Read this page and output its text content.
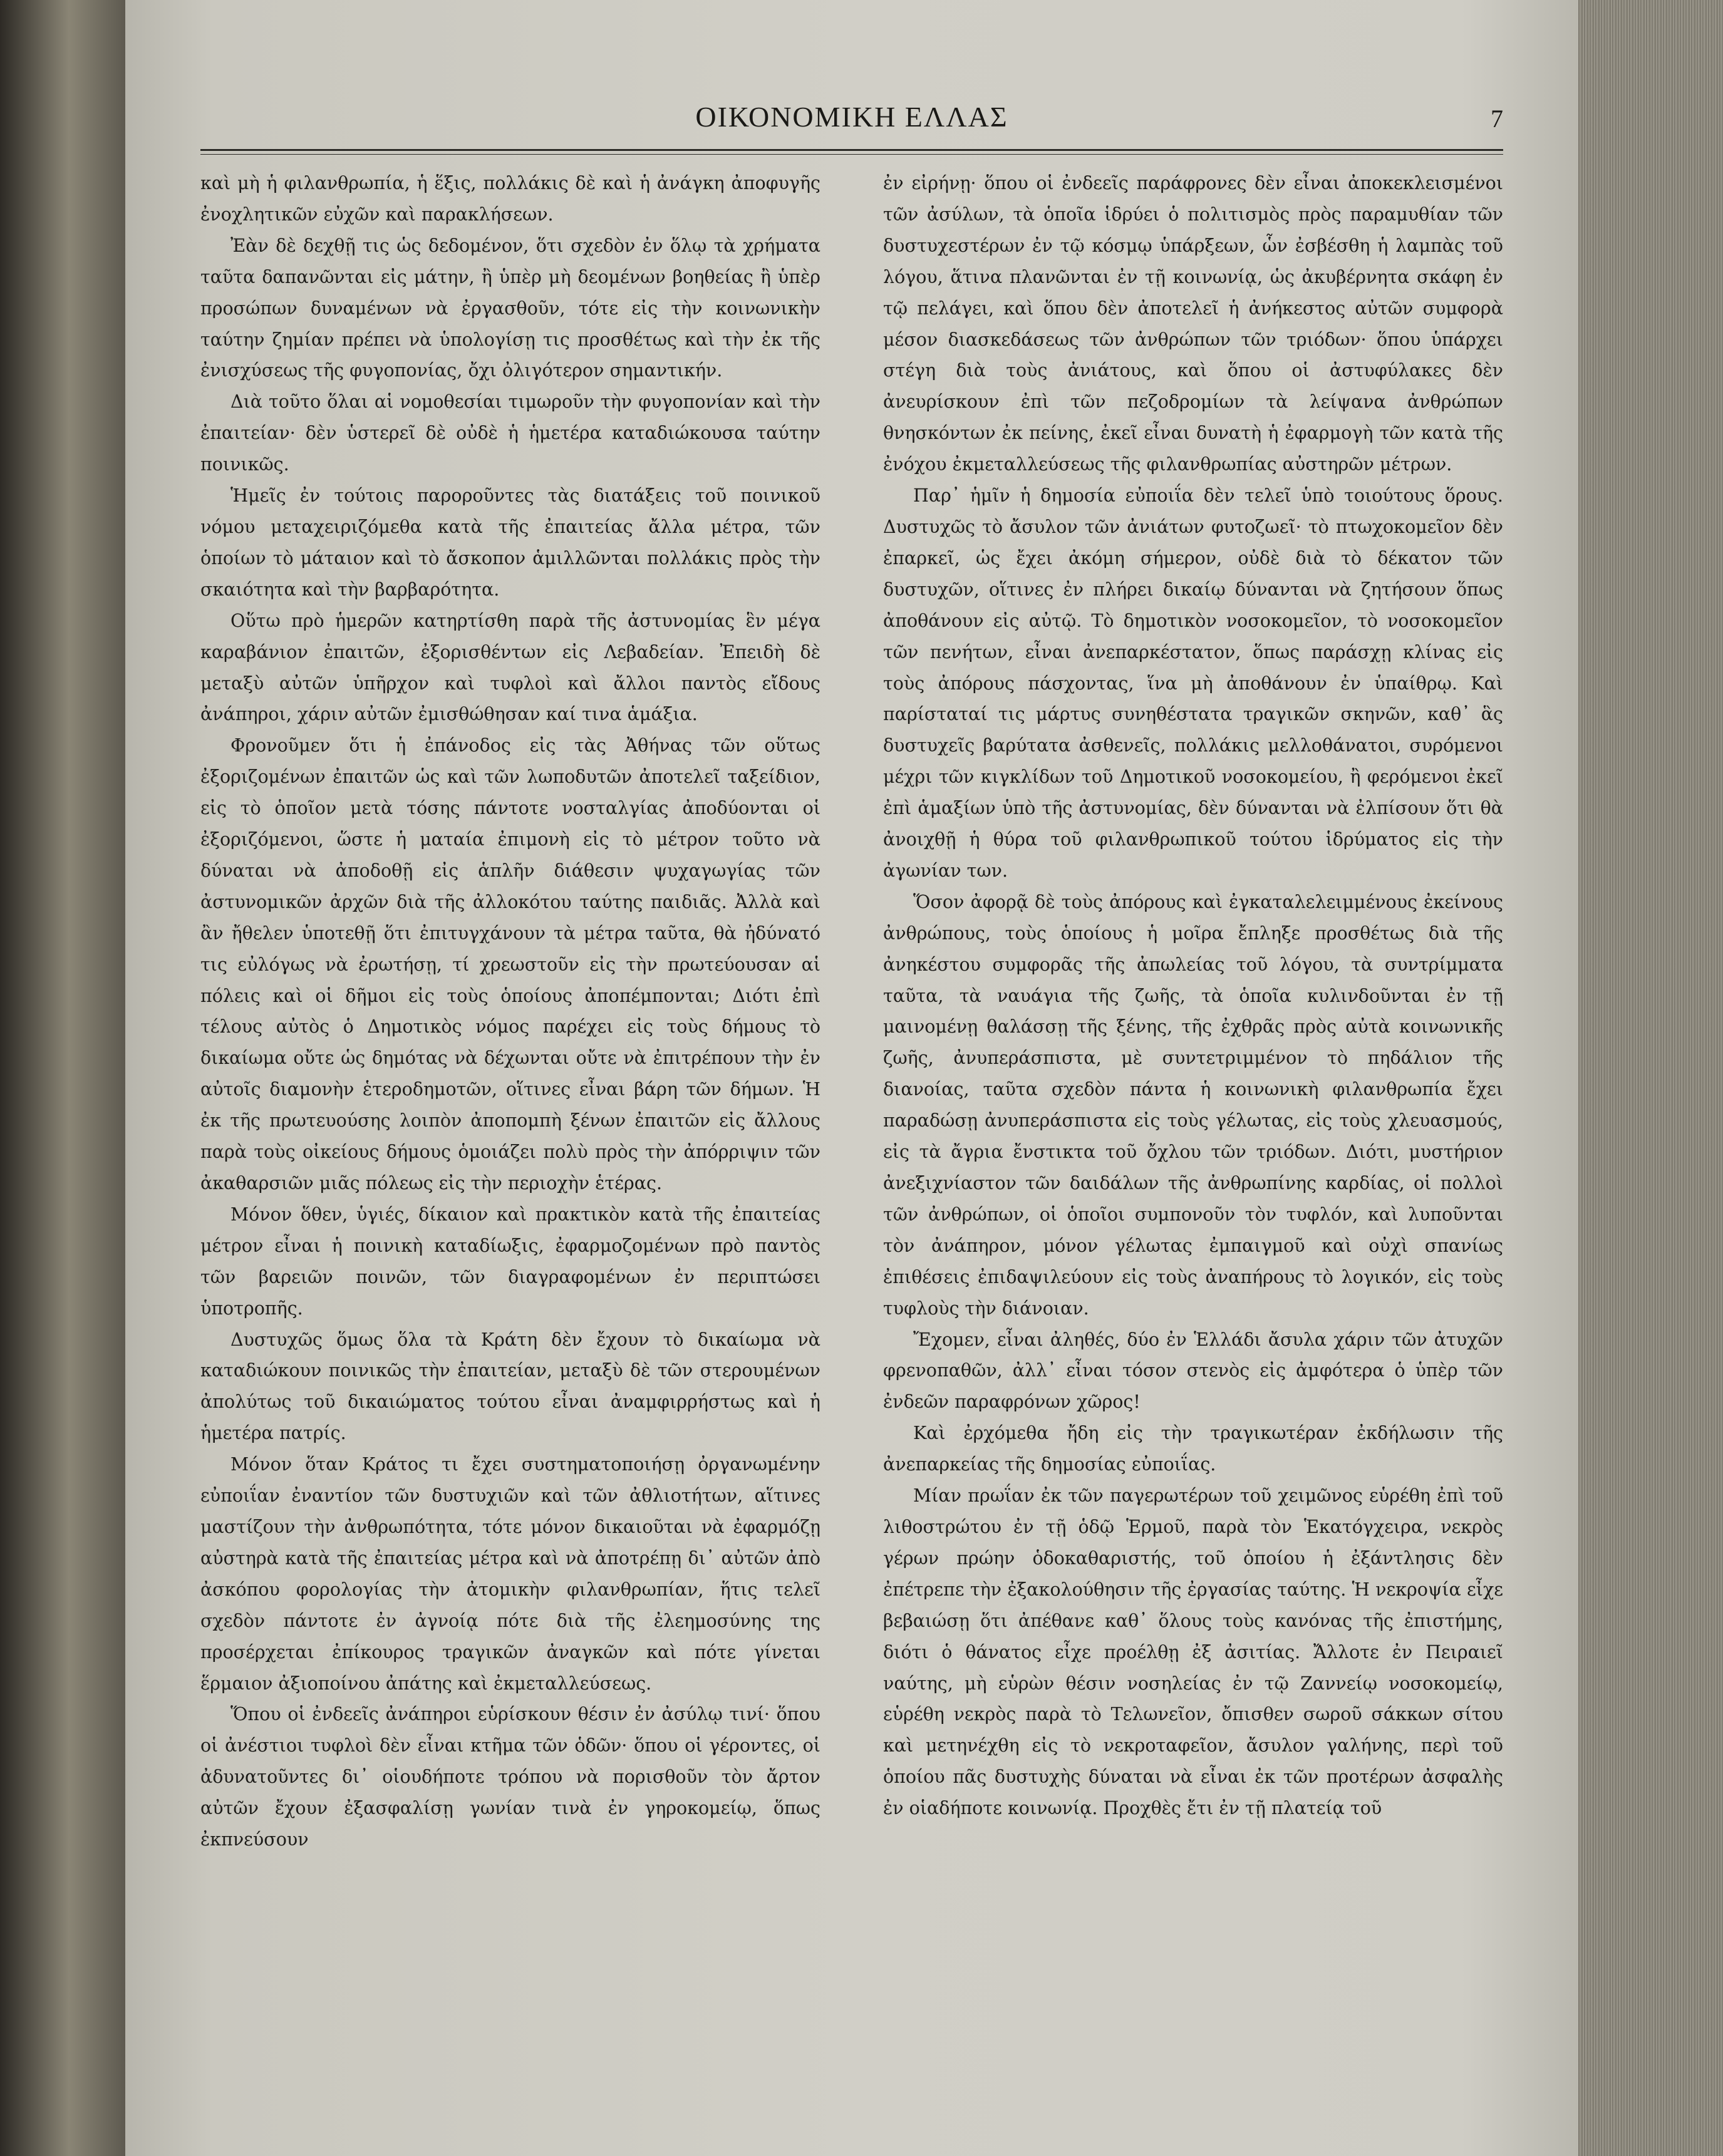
ΟΙΚΟΝΟΜΙΚΗ ΕΛΛΑΣ	7

καὶ μὴ ἡ φιλανθρωπία, ἡ ἕξις, πολλάκις δὲ καὶ ἡ ἀνάγκη ἀποφυγῆς ἐνοχλητικῶν εὐχῶν καὶ παρακλήσεων.

Ἐὰν δὲ δεχθῇ τις ὡς δεδομένον, ὅτι σχεδὸν ἐν ὅλῳ τὰ χρήματα ταῦτα δαπανῶνται εἰς μάτην, ἢ ὑπὲρ μὴ δεομένων βοηθείας ἢ ὑπὲρ προσώπων δυναμένων νὰ ἐργασθοῦν, τότε εἰς τὴν κοινωνικὴν ταύτην ζημίαν πρέπει νὰ ὑπολογίσῃ τις προσθέτως καὶ τὴν ἐκ τῆς ἐνισχύσεως τῆς φυγοπονίας, ὄχι ὀλιγότερον σημαντικήν.

Διὰ τοῦτο ὅλαι αἱ νομοθεσίαι τιμωροῦν τὴν φυγοπονίαν καὶ τὴν ἐπαιτείαν· δὲν ὑστερεῖ δὲ οὐδὲ ἡ ἡμετέρα καταδιώκουσα ταύτην ποινικῶς.

Ἡμεῖς ἐν τούτοις παροροῦντες τὰς διατάξεις τοῦ ποινικοῦ νόμου μεταχειριζόμεθα κατὰ τῆς ἐπαιτείας ἄλλα μέτρα, τῶν ὁποίων τὸ μάταιον καὶ τὸ ἄσκοπον ἁμιλλῶνται πολλάκις πρὸς τὴν σκαιότητα καὶ τὴν βαρβαρότητα.

Οὕτω πρὸ ἡμερῶν κατηρτίσθη παρὰ τῆς ἀστυνομίας ἓν μέγα καραβάνιον ἐπαιτῶν, ἐξορισθέντων εἰς Λεβαδείαν. Ἐπειδὴ δὲ μεταξὺ αὐτῶν ὑπῆρχον καὶ τυφλοὶ καὶ ἄλλοι παντὸς εἴδους ἀνάπηροι, χάριν αὐτῶν ἐμισθώθησαν καί τινα ἁμάξια.

Φρονοῦμεν ὅτι ἡ ἐπάνοδος εἰς τὰς Ἀθήνας τῶν οὕτως ἐξοριζομένων ἐπαιτῶν ὡς καὶ τῶν λωποδυτῶν ἀποτελεῖ ταξείδιον, εἰς τὸ ὁποῖον μετὰ τόσης πάντοτε νοσταλγίας ἀποδύονται οἱ ἐξοριζόμενοι, ὥστε ἡ ματαία ἐπιμονὴ εἰς τὸ μέτρον τοῦτο νὰ δύναται νὰ ἀποδοθῇ εἰς ἁπλῆν διάθεσιν ψυχαγωγίας τῶν ἀστυνομικῶν ἀρχῶν διὰ τῆς ἀλλοκότου ταύτης παιδιᾶς. Ἀλλὰ καὶ ἂν ἤθελεν ὑποτεθῇ ὅτι ἐπιτυγχάνουν τὰ μέτρα ταῦτα, θὰ ἠδύνατό τις εὐλόγως νὰ ἐρωτήσῃ, τί χρεωστοῦν εἰς τὴν πρωτεύουσαν αἱ πόλεις καὶ οἱ δῆμοι εἰς τοὺς ὁποίους ἀποπέμπονται; Διότι ἐπὶ τέλους αὐτὸς ὁ Δημοτικὸς νόμος παρέχει εἰς τοὺς δήμους τὸ δικαίωμα οὔτε ὡς δημότας νὰ δέχωνται οὔτε νὰ ἐπιτρέπουν τὴν ἐν αὐτοῖς διαμονὴν ἑτεροδημοτῶν, οἵτινες εἶναι βάρη τῶν δήμων. Ἡ ἐκ τῆς πρωτευούσης λοιπὸν ἀποπομπὴ ξένων ἐπαιτῶν εἰς ἄλλους παρὰ τοὺς οἰκείους δήμους ὁμοιάζει πολὺ πρὸς τὴν ἀπόρριψιν τῶν ἀκαθαρσιῶν μιᾶς πόλεως εἰς τὴν περιοχὴν ἑτέρας.

Μόνον ὅθεν, ὑγιές, δίκαιον καὶ πρακτικὸν κατὰ τῆς ἐπαιτείας μέτρον εἶναι ἡ ποινικὴ καταδίωξις, ἐφαρμοζομένων πρὸ παντὸς τῶν βαρειῶν ποινῶν, τῶν διαγραφομένων ἐν περιπτώσει ὑποτροπῆς.

Δυστυχῶς ὅμως ὅλα τὰ Κράτη δὲν ἔχουν τὸ δικαίωμα νὰ καταδιώκουν ποινικῶς τὴν ἐπαιτείαν, μεταξὺ δὲ τῶν στερουμένων ἀπολύτως τοῦ δικαιώματος τούτου εἶναι ἀναμφιρρήστως καὶ ἡ ἡμετέρα πατρίς.

Μόνον ὅταν Κράτος τι ἔχει συστηματοποιήσῃ ὀργανωμένην εὐποιΐαν ἐναντίον τῶν δυστυχιῶν καὶ τῶν ἀθλιοτήτων, αἵτινες μαστίζουν τὴν ἀνθρωπότητα, τότε μόνον δικαιοῦται νὰ ἐφαρμόζῃ αὐστηρὰ κατὰ τῆς ἐπαιτείας μέτρα καὶ νὰ ἀποτρέπῃ δι᾽ αὐτῶν ἀπὸ ἀσκόπου φορολογίας τὴν ἀτομικὴν φιλανθρωπίαν, ἥτις τελεῖ σχεδὸν πάντοτε ἐν ἀγνοίᾳ πότε διὰ τῆς ἐλεημοσύνης της προσέρχεται ἐπίκουρος τραγικῶν ἀναγκῶν καὶ πότε γίνεται ἕρμαιον ἀξιοποίνου ἀπάτης καὶ ἐκμεταλλεύσεως.

Ὅπου οἱ ἐνδεεῖς ἀνάπηροι εὑρίσκουν θέσιν ἐν ἀσύλῳ τινί· ὅπου οἱ ἀνέστιοι τυφλοὶ δὲν εἶναι κτῆμα τῶν ὁδῶν· ὅπου οἱ γέροντες, οἱ ἀδυνατοῦντες δι᾽ οἱουδήποτε τρόπου νὰ πορισθοῦν τὸν ἄρτον αὐτῶν ἔχουν ἐξασφαλίσῃ γωνίαν τινὰ ἐν γηροκομείῳ, ὅπως ἐκπνεύσουν

ἐν εἰρήνῃ· ὅπου οἱ ἐνδεεῖς παράφρονες δὲν εἶναι ἀποκεκλεισμένοι τῶν ἀσύλων, τὰ ὁποῖα ἱδρύει ὁ πολιτισμὸς πρὸς παραμυθίαν τῶν δυστυχεστέρων ἐν τῷ κόσμῳ ὑπάρξεων, ὧν ἐσβέσθη ἡ λαμπὰς τοῦ λόγου, ἅτινα πλανῶνται ἐν τῇ κοινωνίᾳ, ὡς ἀκυβέρνητα σκάφη ἐν τῷ πελάγει, καὶ ὅπου δὲν ἀποτελεῖ ἡ ἀνήκεστος αὐτῶν συμφορὰ μέσον διασκεδάσεως τῶν ἀνθρώπων τῶν τριόδων· ὅπου ὑπάρχει στέγη διὰ τοὺς ἀνιάτους, καὶ ὅπου οἱ ἀστυφύλακες δὲν ἀνευρίσκουν ἐπὶ τῶν πεζοδρομίων τὰ λείψανα ἀνθρώπων θνησκόντων ἐκ πείνης, ἐκεῖ εἶναι δυνατὴ ἡ ἐφαρμογὴ τῶν κατὰ τῆς ἐνόχου ἐκμεταλλεύσεως τῆς φιλανθρωπίας αὐστηρῶν μέτρων.

Παρ᾽ ἡμῖν ἡ δημοσία εὐποιΐα δὲν τελεῖ ὑπὸ τοιούτους ὅρους. Δυστυχῶς τὸ ἄσυλον τῶν ἀνιάτων φυτοζωεῖ· τὸ πτωχοκομεῖον δὲν ἐπαρκεῖ, ὡς ἔχει ἀκόμη σήμερον, οὐδὲ διὰ τὸ δέκατον τῶν δυστυχῶν, οἵτινες ἐν πλήρει δικαίῳ δύνανται νὰ ζητήσουν ὅπως ἀποθάνουν εἰς αὐτῷ. Τὸ δημοτικὸν νοσοκομεῖον, τὸ νοσοκομεῖον τῶν πενήτων, εἶναι ἀνεπαρκέστατον, ὅπως παράσχῃ κλίνας εἰς τοὺς ἀπόρους πάσχοντας, ἵνα μὴ ἀποθάνουν ἐν ὑπαίθρῳ. Καὶ παρίσταταί τις μάρτυς συνηθέστατα τραγικῶν σκηνῶν, καθ᾽ ἃς δυστυχεῖς βαρύτατα ἀσθενεῖς, πολλάκις μελλοθάνατοι, συρόμενοι μέχρι τῶν κιγκλίδων τοῦ Δημοτικοῦ νοσοκομείου, ἢ φερόμενοι ἐκεῖ ἐπὶ ἁμαξίων ὑπὸ τῆς ἀστυνομίας, δὲν δύνανται νὰ ἐλπίσουν ὅτι θὰ ἀνοιχθῇ ἡ θύρα τοῦ φιλανθρωπικοῦ τούτου ἱδρύματος εἰς τὴν ἀγωνίαν των.

Ὅσον ἀφορᾷ δὲ τοὺς ἀπόρους καὶ ἐγκαταλελειμμένους ἐκείνους ἀνθρώπους, τοὺς ὁποίους ἡ μοῖρα ἔπληξε προσθέτως διὰ τῆς ἀνηκέστου συμφορᾶς τῆς ἀπωλείας τοῦ λόγου, τὰ συντρίμματα ταῦτα, τὰ ναυάγια τῆς ζωῆς, τὰ ὁποῖα κυλινδοῦνται ἐν τῇ μαινομένῃ θαλάσσῃ τῆς ξένης, τῆς ἐχθρᾶς πρὸς αὐτὰ κοινωνικῆς ζωῆς, ἀνυπεράσπιστα, μὲ συντετριμμένον τὸ πηδάλιον τῆς διανοίας, ταῦτα σχεδὸν πάντα ἡ κοινωνικὴ φιλανθρωπία ἔχει παραδώσῃ ἀνυπεράσπιστα εἰς τοὺς γέλωτας, εἰς τοὺς χλευασμούς, εἰς τὰ ἄγρια ἔνστικτα τοῦ ὄχλου τῶν τριόδων. Διότι, μυστήριον ἀνεξιχνίαστον τῶν δαιδάλων τῆς ἀνθρωπίνης καρδίας, οἱ πολλοὶ τῶν ἀνθρώπων, οἱ ὁποῖοι συμπονοῦν τὸν τυφλόν, καὶ λυποῦνται τὸν ἀνάπηρον, μόνον γέλωτας ἐμπαιγμοῦ καὶ οὐχὶ σπανίως ἐπιθέσεις ἐπιδαψιλεύουν εἰς τοὺς ἀναπήρους τὸ λογικόν, εἰς τοὺς τυφλοὺς τὴν διάνοιαν.

Ἔχομεν, εἶναι ἀληθές, δύο ἐν Ἑλλάδι ἄσυλα χάριν τῶν ἀτυχῶν φρενοπαθῶν, ἀλλ᾽ εἶναι τόσον στενὸς εἰς ἀμφότερα ὁ ὑπὲρ τῶν ἐνδεῶν παραφρόνων χῶρος!

Καὶ ἐρχόμεθα ἤδη εἰς τὴν τραγικωτέραν ἐκδήλωσιν τῆς ἀνεπαρκείας τῆς δημοσίας εὐποιΐας.

Μίαν πρωΐαν ἐκ τῶν παγερωτέρων τοῦ χειμῶνος εὑρέθη ἐπὶ τοῦ λιθοστρώτου ἐν τῇ ὁδῷ Ἑρμοῦ, παρὰ τὸν Ἑκατόγχειρα, νεκρὸς γέρων πρώην ὁδοκαθαριστής, τοῦ ὁποίου ἡ ἐξάντλησις δὲν ἐπέτρεπε τὴν ἐξακολούθησιν τῆς ἐργασίας ταύτης. Ἡ νεκροψία εἶχε βεβαιώσῃ ὅτι ἀπέθανε καθ᾽ ὅλους τοὺς κανόνας τῆς ἐπιστήμης, διότι ὁ θάνατος εἶχε προέλθῃ ἐξ ἀσιτίας. Ἄλλοτε ἐν Πειραιεῖ ναύτης, μὴ εὑρὼν θέσιν νοσηλείας ἐν τῷ Ζαννείῳ νοσοκομείῳ, εὑρέθη νεκρὸς παρὰ τὸ Τελωνεῖον, ὄπισθεν σωροῦ σάκκων σίτου καὶ μετηνέχθη εἰς τὸ νεκροταφεῖον, ἄσυλον γαλήνης, περὶ τοῦ ὁποίου πᾶς δυστυχὴς δύναται νὰ εἶναι ἐκ τῶν προτέρων ἀσφαλὴς ἐν οἱαδήποτε κοινωνίᾳ. Προχθὲς ἔτι ἐν τῇ πλατείᾳ τοῦ
